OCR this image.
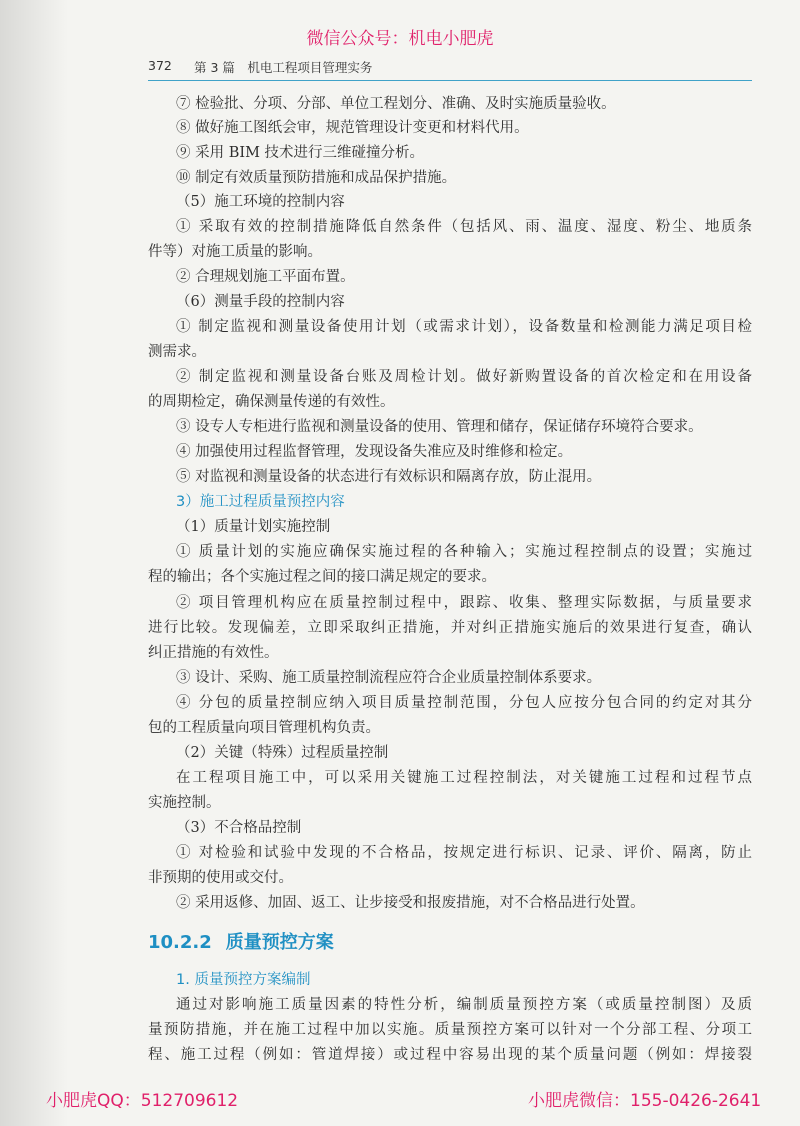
微信公众号：机电小肥虎
372 第 3 篇　机电工程项目管理实务
⑦ 检验批、分项、分部、单位工程划分、准确、及时实施质量验收。
⑧ 做好施工图纸会审，规范管理设计变更和材料代用。
⑨ 采用 BIM 技术进行三维碰撞分析。
⑩ 制定有效质量预防措施和成品保护措施。
（5）施工环境的控制内容
① 采取有效的控制措施降低自然条件（包括风、雨、温度、湿度、粉尘、地质条
件等）对施工质量的影响。
② 合理规划施工平面布置。
（6）测量手段的控制内容
① 制定监视和测量设备使用计划（或需求计划），设备数量和检测能力满足项目检
测需求。
② 制定监视和测量设备台账及周检计划。做好新购置设备的首次检定和在用设备
的周期检定，确保测量传递的有效性。
③ 设专人专柜进行监视和测量设备的使用、管理和储存，保证储存环境符合要求。
④ 加强使用过程监督管理，发现设备失准应及时维修和检定。
⑤ 对监视和测量设备的状态进行有效标识和隔离存放，防止混用。
3）施工过程质量预控内容
（1）质量计划实施控制
① 质量计划的实施应确保实施过程的各种输入；实施过程控制点的设置；实施过
程的输出；各个实施过程之间的接口满足规定的要求。
② 项目管理机构应在质量控制过程中，跟踪、收集、整理实际数据，与质量要求
进行比较。发现偏差，立即采取纠正措施，并对纠正措施实施后的效果进行复查，确认
纠正措施的有效性。
③ 设计、采购、施工质量控制流程应符合企业质量控制体系要求。
④ 分包的质量控制应纳入项目质量控制范围，分包人应按分包合同的约定对其分
包的工程质量向项目管理机构负责。
（2）关键（特殊）过程质量控制
在工程项目施工中，可以采用关键施工过程控制法，对关键施工过程和过程节点
实施控制。
（3）不合格品控制
① 对检验和试验中发现的不合格品，按规定进行标识、记录、评价、隔离，防止
非预期的使用或交付。
② 采用返修、加固、返工、让步接受和报废措施，对不合格品进行处置。
10.2.2 质量预控方案
1. 质量预控方案编制
通过对影响施工质量因素的特性分析，编制质量预控方案（或质量控制图）及质
量预防措施，并在施工过程中加以实施。质量预控方案可以针对一个分部工程、分项工
程、施工过程（例如：管道焊接）或过程中容易出现的某个质量问题（例如：焊接裂
小肥虎QQ：512709612	小肥虎微信：155-0426-2641
